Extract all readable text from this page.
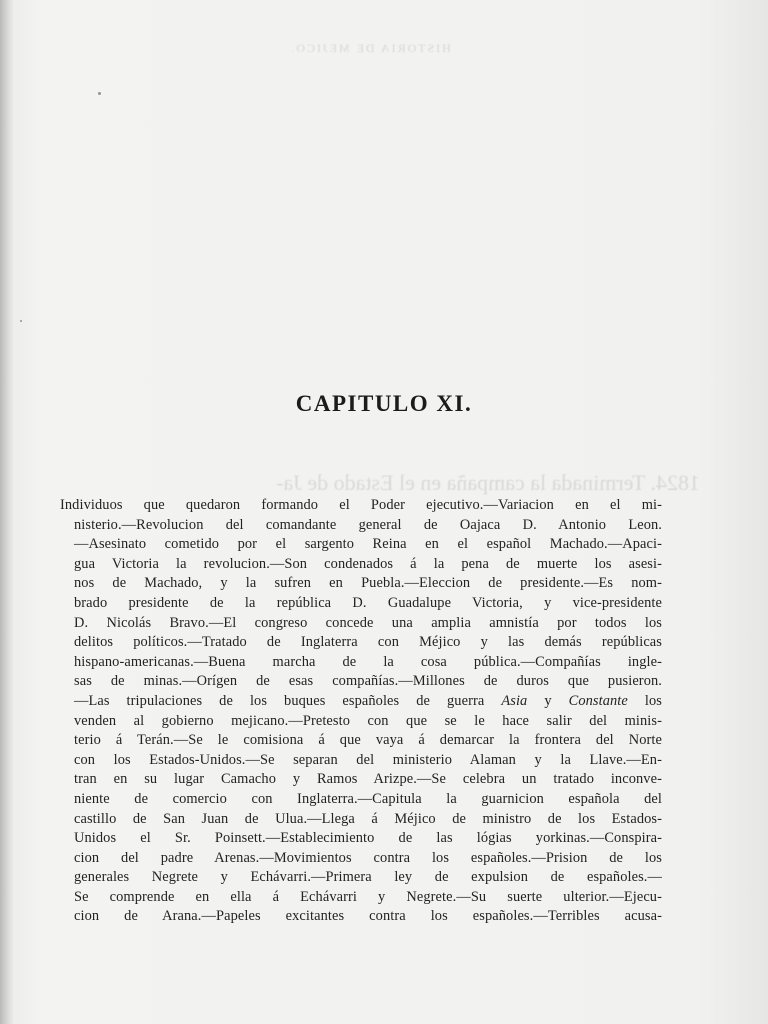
HISTORIA DE MEJICO.
1824. Terminada la campaña en el Estado de Ja-
CAPITULO XI.
Individuos que quedaron formando el Poder ejecutivo.—Variacion en el mi-
nisterio.—Revolucion del comandante general de Oajaca D. Antonio Leon.
—Asesinato cometido por el sargento Reina en el español Machado.—Apaci-
gua Victoria la revolucion.—Son condenados á la pena de muerte los asesi-
nos de Machado, y la sufren en Puebla.—Eleccion de presidente.—Es nom-
brado presidente de la república D. Guadalupe Victoria, y vice-presidente
D. Nicolás Bravo.—El congreso concede una amplia amnistía por todos los
delitos políticos.—Tratado de Inglaterra con Méjico y las demás repúblicas
hispano-americanas.—Buena marcha de la cosa pública.—Compañías ingle-
sas de minas.—Orígen de esas compañías.—Millones de duros que pusieron.
—Las tripulaciones de los buques españoles de guerra Asia y Constante los
venden al gobierno mejicano.—Pretesto con que se le hace salir del minis-
terio á Terán.—Se le comisiona á que vaya á demarcar la frontera del Norte
con los Estados-Unidos.—Se separan del ministerio Alaman y la Llave.—En-
tran en su lugar Camacho y Ramos Arizpe.—Se celebra un tratado inconve-
niente de comercio con Inglaterra.—Capitula la guarnicion española del
castillo de San Juan de Ulua.—Llega á Méjico de ministro de los Estados-
Unidos el Sr. Poinsett.—Establecimiento de las lógias yorkinas.—Conspira-
cion del padre Arenas.—Movimientos contra los españoles.—Prision de los
generales Negrete y Echávarri.—Primera ley de expulsion de españoles.—
Se comprende en ella á Echávarri y Negrete.—Su suerte ulterior.—Ejecu-
cion de Arana.—Papeles excitantes contra los españoles.—Terribles acusa-
